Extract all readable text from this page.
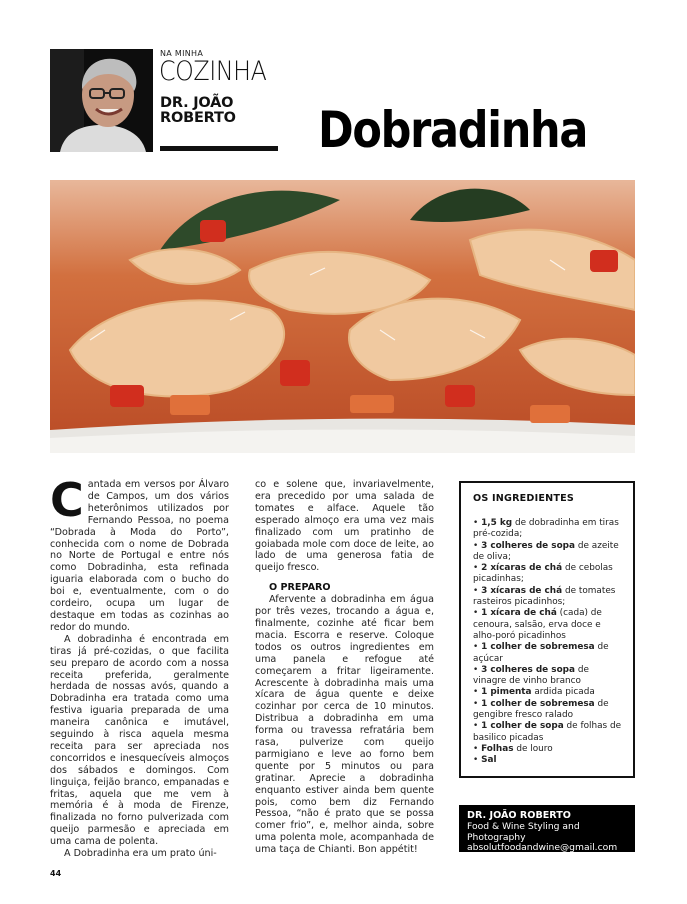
NA MINHA
COZINHA
DR. JOÃO
ROBERTO Dobradinha

Cantada em versos por Álvaro de Campos, um dos vários heterônimos utilizados por Fernando Pessoa, no poema “Dobrada à Moda do Porto”, conhecida com o nome de Dobrada no Norte de Portugal e entre nós como Dobradinha, esta refinada iguaria elaborada com o bucho do boi e, eventualmente, com o do cordeiro, ocupa um lugar de destaque em todas as cozinhas ao redor do mundo.

A dobradinha é encontrada em tiras já pré-cozidas, o que facilita seu preparo de acordo com a nossa receita preferida, geralmente herdada de nossas avós, quando a Dobradinha era tratada como uma festiva iguaria preparada de uma maneira canônica e imutável, seguindo à risca aquela mesma receita para ser apreciada nos concorridos e inesquecíveis almoços dos sábados e domingos. Com linguiça, feijão branco, empanadas e fritas, aquela que me vem à memória é à moda de Firenze, finalizada no forno pulverizada com queijo parmesão e apreciada em uma cama de polenta.

A Dobradinha era um prato úni-

co e solene que, invariavelmente, era precedido por uma salada de tomates e alface. Aquele tão esperado almoço era uma vez mais finalizado com um pratinho de goiabada mole com doce de leite, ao lado de uma generosa fatia de queijo fresco.

O PREPARO

Afervente a dobradinha em água por três vezes, trocando a água e, finalmente, cozinhe até ficar bem macia. Escorra e reserve. Coloque todos os outros ingredientes em uma panela e refogue até começarem a fritar ligeiramente. Acrescente à dobradinha mais uma xícara de água quente e deixe cozinhar por cerca de 10 minutos. Distribua a dobradinha em uma forma ou travessa refratária bem rasa, pulverize com queijo parmigiano e leve ao forno bem quente por 5 minutos ou para gratinar. Aprecie a dobradinha enquanto estiver ainda bem quente pois, como bem diz Fernando Pessoa, “não é prato que se possa comer frio”, e, melhor ainda, sobre uma polenta mole, acompanhada de uma taça de Chianti. Bon appétit!

OS INGREDIENTES
• 1,5 kg de dobradinha em tiras pré-cozida;
• 3 colheres de sopa de azeite de oliva;
• 2 xícaras de chá de cebolas picadinhas;
• 3 xícaras de chá de tomates rasteiros picadinhos;
• 1 xícara de chá (cada) de cenoura, salsão, erva doce e alho-poró picadinhos
• 1 colher de sobremesa de açúcar
• 3 colheres de sopa de vinagre de vinho branco
• 1 pimenta ardida picada
• 1 colher de sobremesa de gengibre fresco ralado
• 1 colher de sopa de folhas de basilico picadas
• Folhas de louro
• Sal
DR. JOÃO ROBERTO
Food & Wine Styling and Photography
absolutfoodandwine@gmail.com
44
